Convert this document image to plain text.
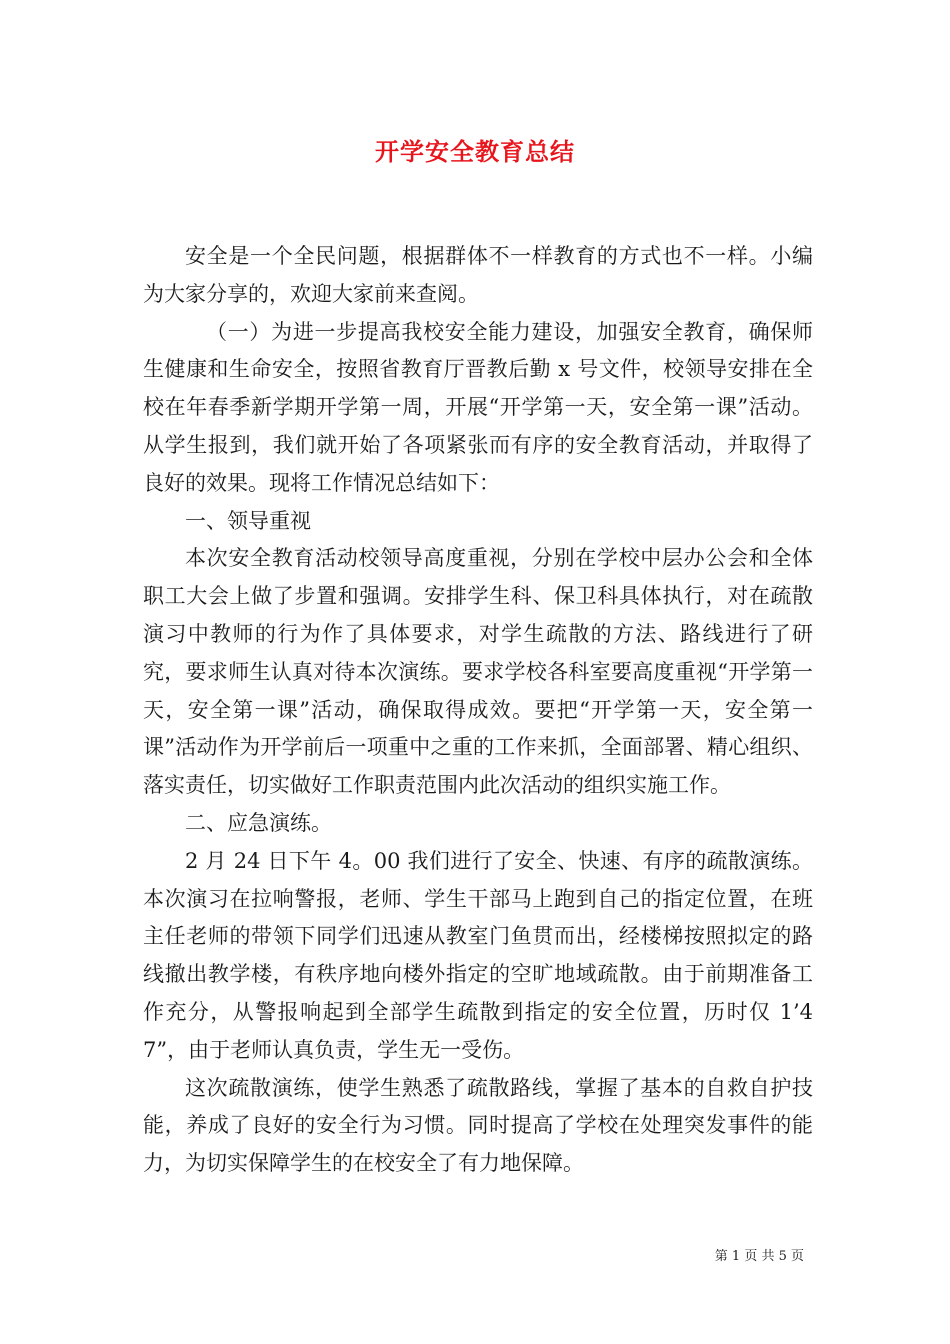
开学安全教育总结

安全是一个全民问题，根据群体不一样教育的方式也不一样。小编为大家分享的，欢迎大家前来查阅。

（一）为进一步提高我校安全能力建设，加强安全教育，确保师生健康和生命安全，按照省教育厅晋教后勤 x 号文件，校领导安排在全校在年春季新学期开学第一周，开展“开学第一天，安全第一课”活动。从学生报到，我们就开始了各项紧张而有序的安全教育活动，并取得了良好的效果。现将工作情况总结如下：

一、领导重视

本次安全教育活动校领导高度重视，分别在学校中层办公会和全体职工大会上做了步置和强调。安排学生科、保卫科具体执行，对在疏散演习中教师的行为作了具体要求，对学生疏散的方法、路线进行了研究，要求师生认真对待本次演练。要求学校各科室要高度重视“开学第一天，安全第一课”活动，确保取得成效。要把“开学第一天，安全第一课”活动作为开学前后一项重中之重的工作来抓，全面部署、精心组织、落实责任，切实做好工作职责范围内此次活动的组织实施工作。

二、应急演练。

2 月 24 日下午 4。00 我们进行了安全、快速、有序的疏散演练。本次演习在拉响警报，老师、学生干部马上跑到自己的指定位置，在班主任老师的带领下同学们迅速从教室门鱼贯而出，经楼梯按照拟定的路线撤出教学楼，有秩序地向楼外指定的空旷地域疏散。由于前期准备工作充分，从警报响起到全部学生疏散到指定的安全位置，历时仅 1’47”，由于老师认真负责，学生无一受伤。

这次疏散演练，使学生熟悉了疏散路线，掌握了基本的自救自护技能，养成了良好的安全行为习惯。同时提高了学校在处理突发事件的能力，为切实保障学生的在校安全了有力地保障。

第 1 页 共 5 页
